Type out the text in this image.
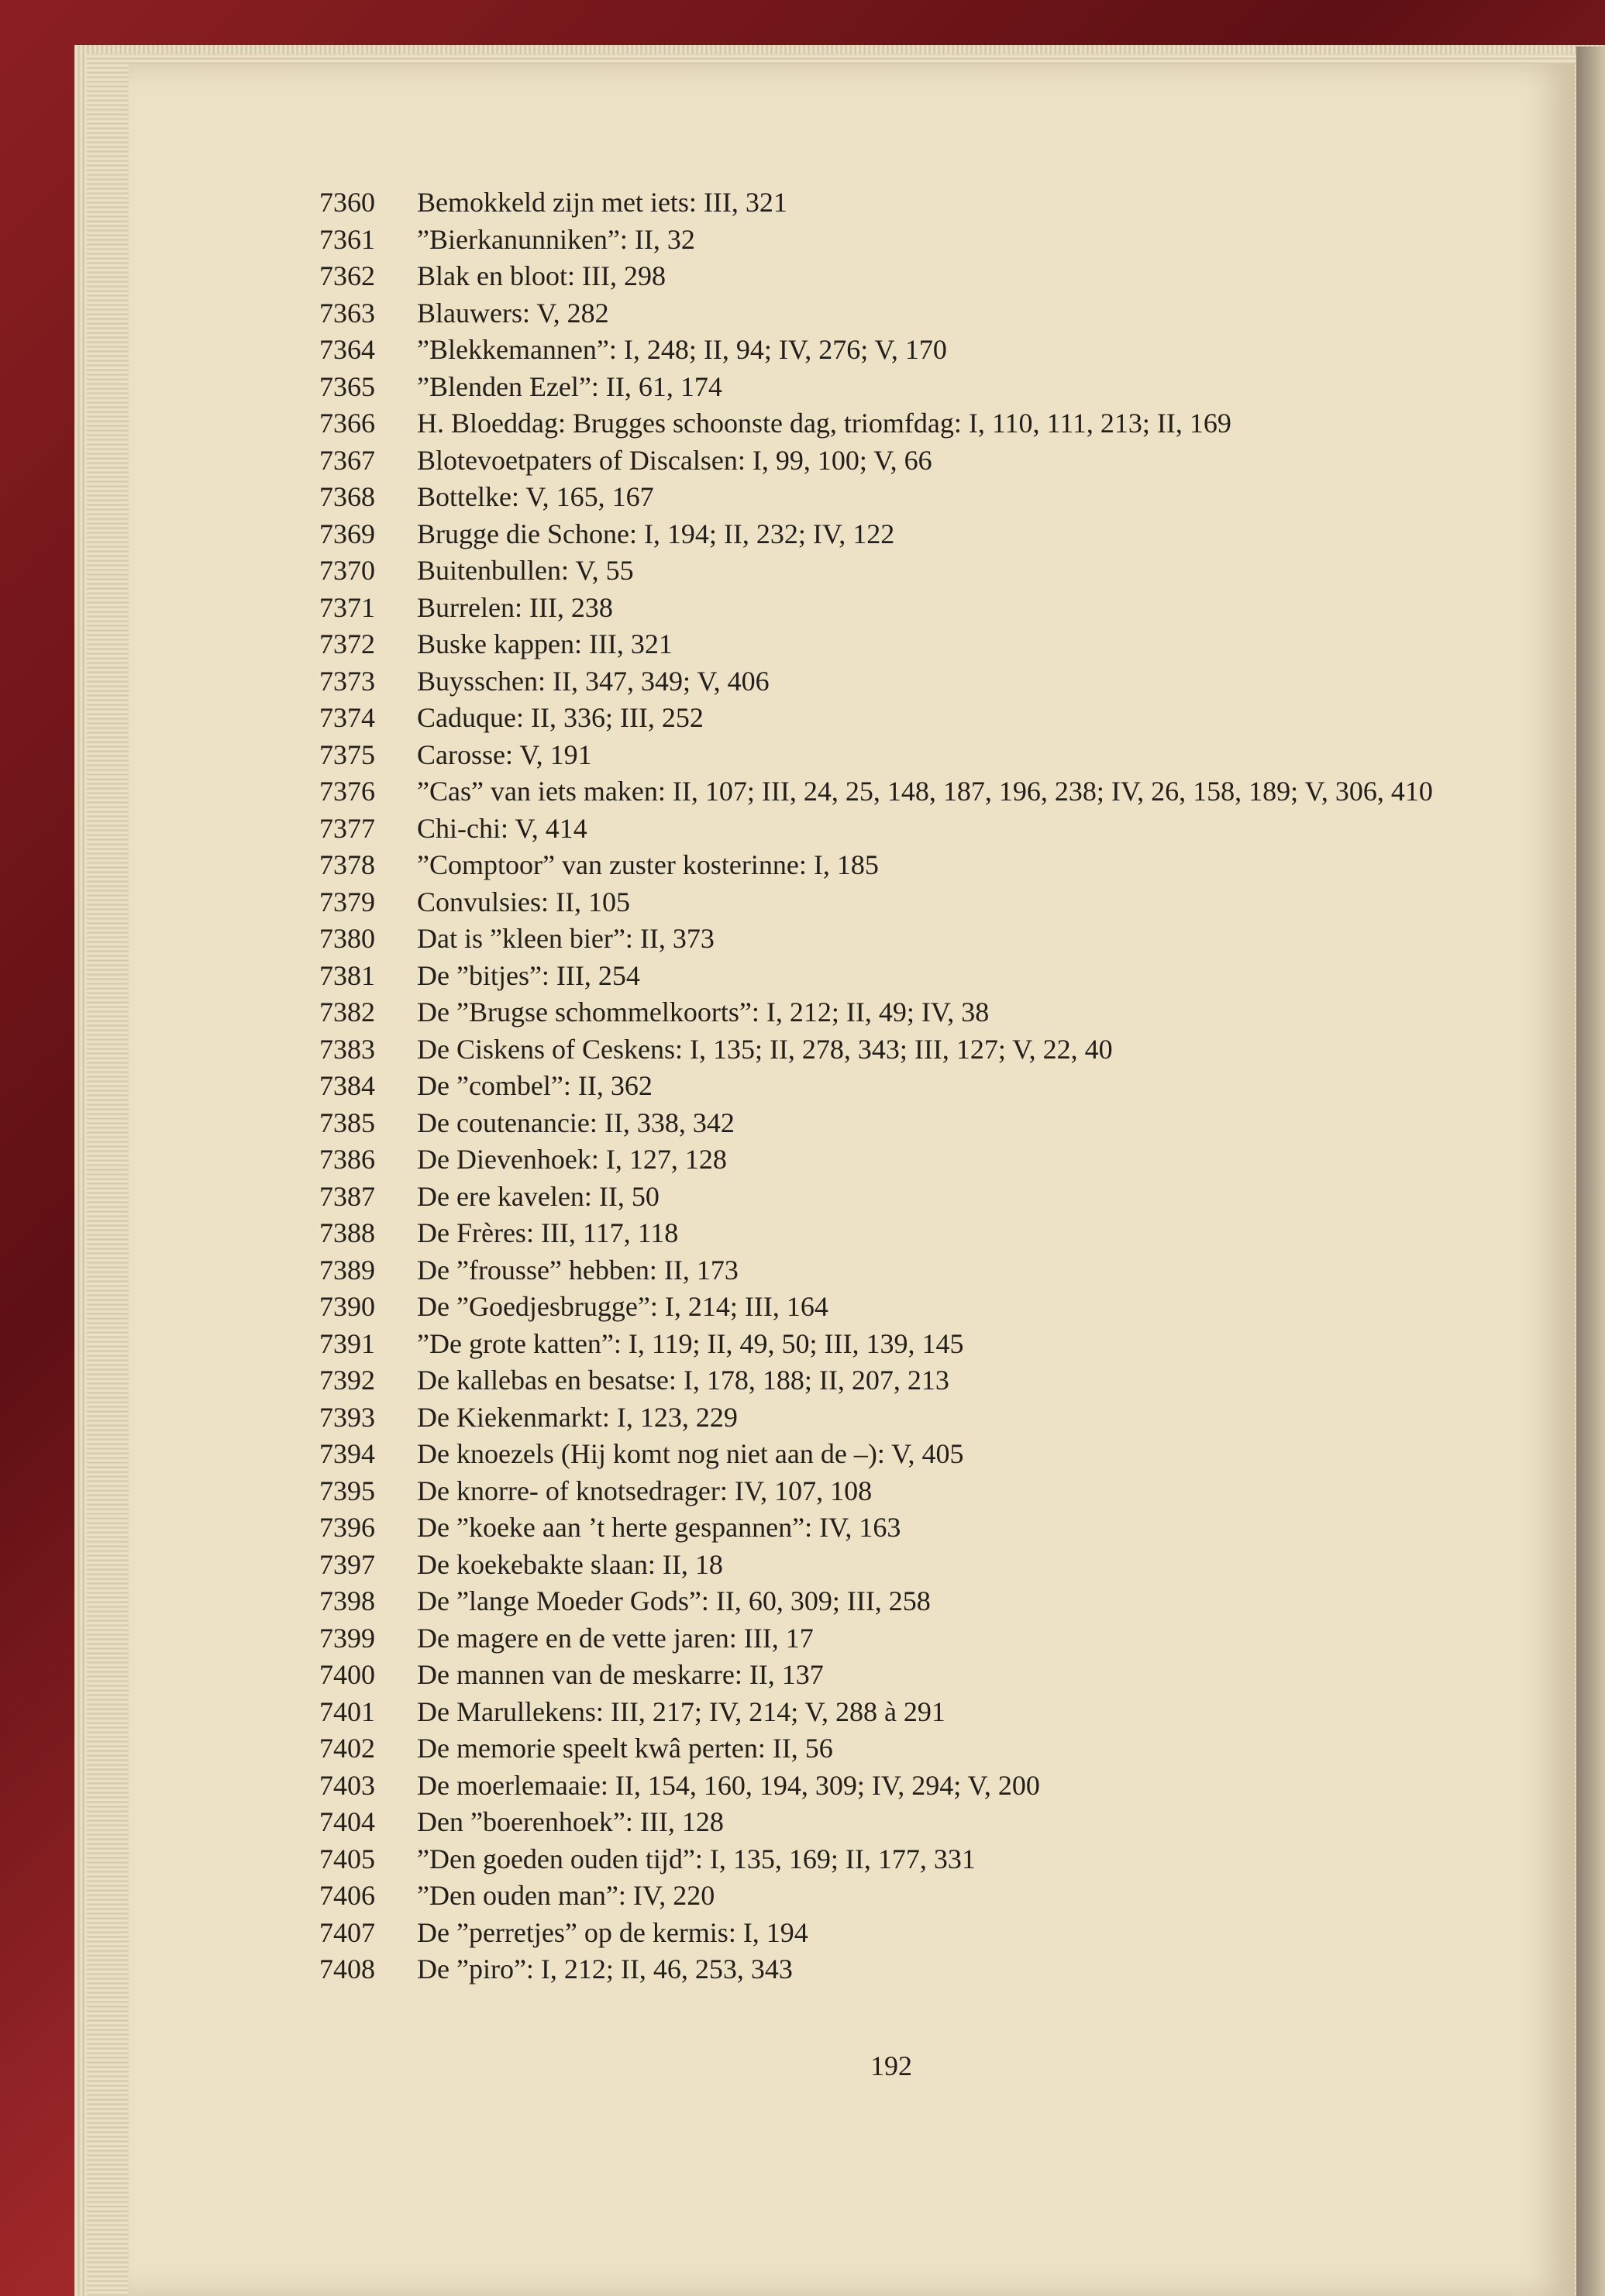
7360	Bemokkeld zijn met iets: III, 321
7361	”Bierkanunniken”: II, 32
7362	Blak en bloot: III, 298
7363	Blauwers: V, 282
7364	”Blekkemannen”: I, 248; II, 94; IV, 276; V, 170
7365	”Blenden Ezel”: II, 61, 174
7366	H. Bloeddag: Brugges schoonste dag, triomfdag: I, 110, 111, 213; II, 169
7367	Blotevoetpaters of Discalsen: I, 99, 100; V, 66
7368	Bottelke: V, 165, 167
7369	Brugge die Schone: I, 194; II, 232; IV, 122
7370	Buitenbullen: V, 55
7371	Burrelen: III, 238
7372	Buske kappen: III, 321
7373	Buysschen: II, 347, 349; V, 406
7374	Caduque: II, 336; III, 252
7375	Carosse: V, 191
7376	”Cas” van iets maken: II, 107; III, 24, 25, 148, 187, 196, 238; IV, 26, 158, 189; V, 306, 410
7377	Chi-chi: V, 414
7378	”Comptoor” van zuster kosterinne: I, 185
7379	Convulsies: II, 105
7380	Dat is ”kleen bier”: II, 373
7381	De ”bitjes”: III, 254
7382	De ”Brugse schommelkoorts”: I, 212; II, 49; IV, 38
7383	De Ciskens of Ceskens: I, 135; II, 278, 343; III, 127; V, 22, 40
7384	De ”combel”: II, 362
7385	De coutenancie: II, 338, 342
7386	De Dievenhoek: I, 127, 128
7387	De ere kavelen: II, 50
7388	De Frères: III, 117, 118
7389	De ”frousse” hebben: II, 173
7390	De ”Goedjesbrugge”: I, 214; III, 164
7391	”De grote katten”: I, 119; II, 49, 50; III, 139, 145
7392	De kallebas en besatse: I, 178, 188; II, 207, 213
7393	De Kiekenmarkt: I, 123, 229
7394	De knoezels (Hij komt nog niet aan de –): V, 405
7395	De knorre- of knotsedrager: IV, 107, 108
7396	De ”koeke aan ’t herte gespannen”: IV, 163
7397	De koekebakte slaan: II, 18
7398	De ”lange Moeder Gods”: II, 60, 309; III, 258
7399	De magere en de vette jaren: III, 17
7400	De mannen van de meskarre: II, 137
7401	De Marullekens: III, 217; IV, 214; V, 288 à 291
7402	De memorie speelt kwâ perten: II, 56
7403	De moerlemaaie: II, 154, 160, 194, 309; IV, 294; V, 200
7404	Den ”boerenhoek”: III, 128
7405	”Den goeden ouden tijd”: I, 135, 169; II, 177, 331
7406	”Den ouden man”: IV, 220
7407	De ”perretjes” op de kermis: I, 194
7408	De ”piro”: I, 212; II, 46, 253, 343
192
